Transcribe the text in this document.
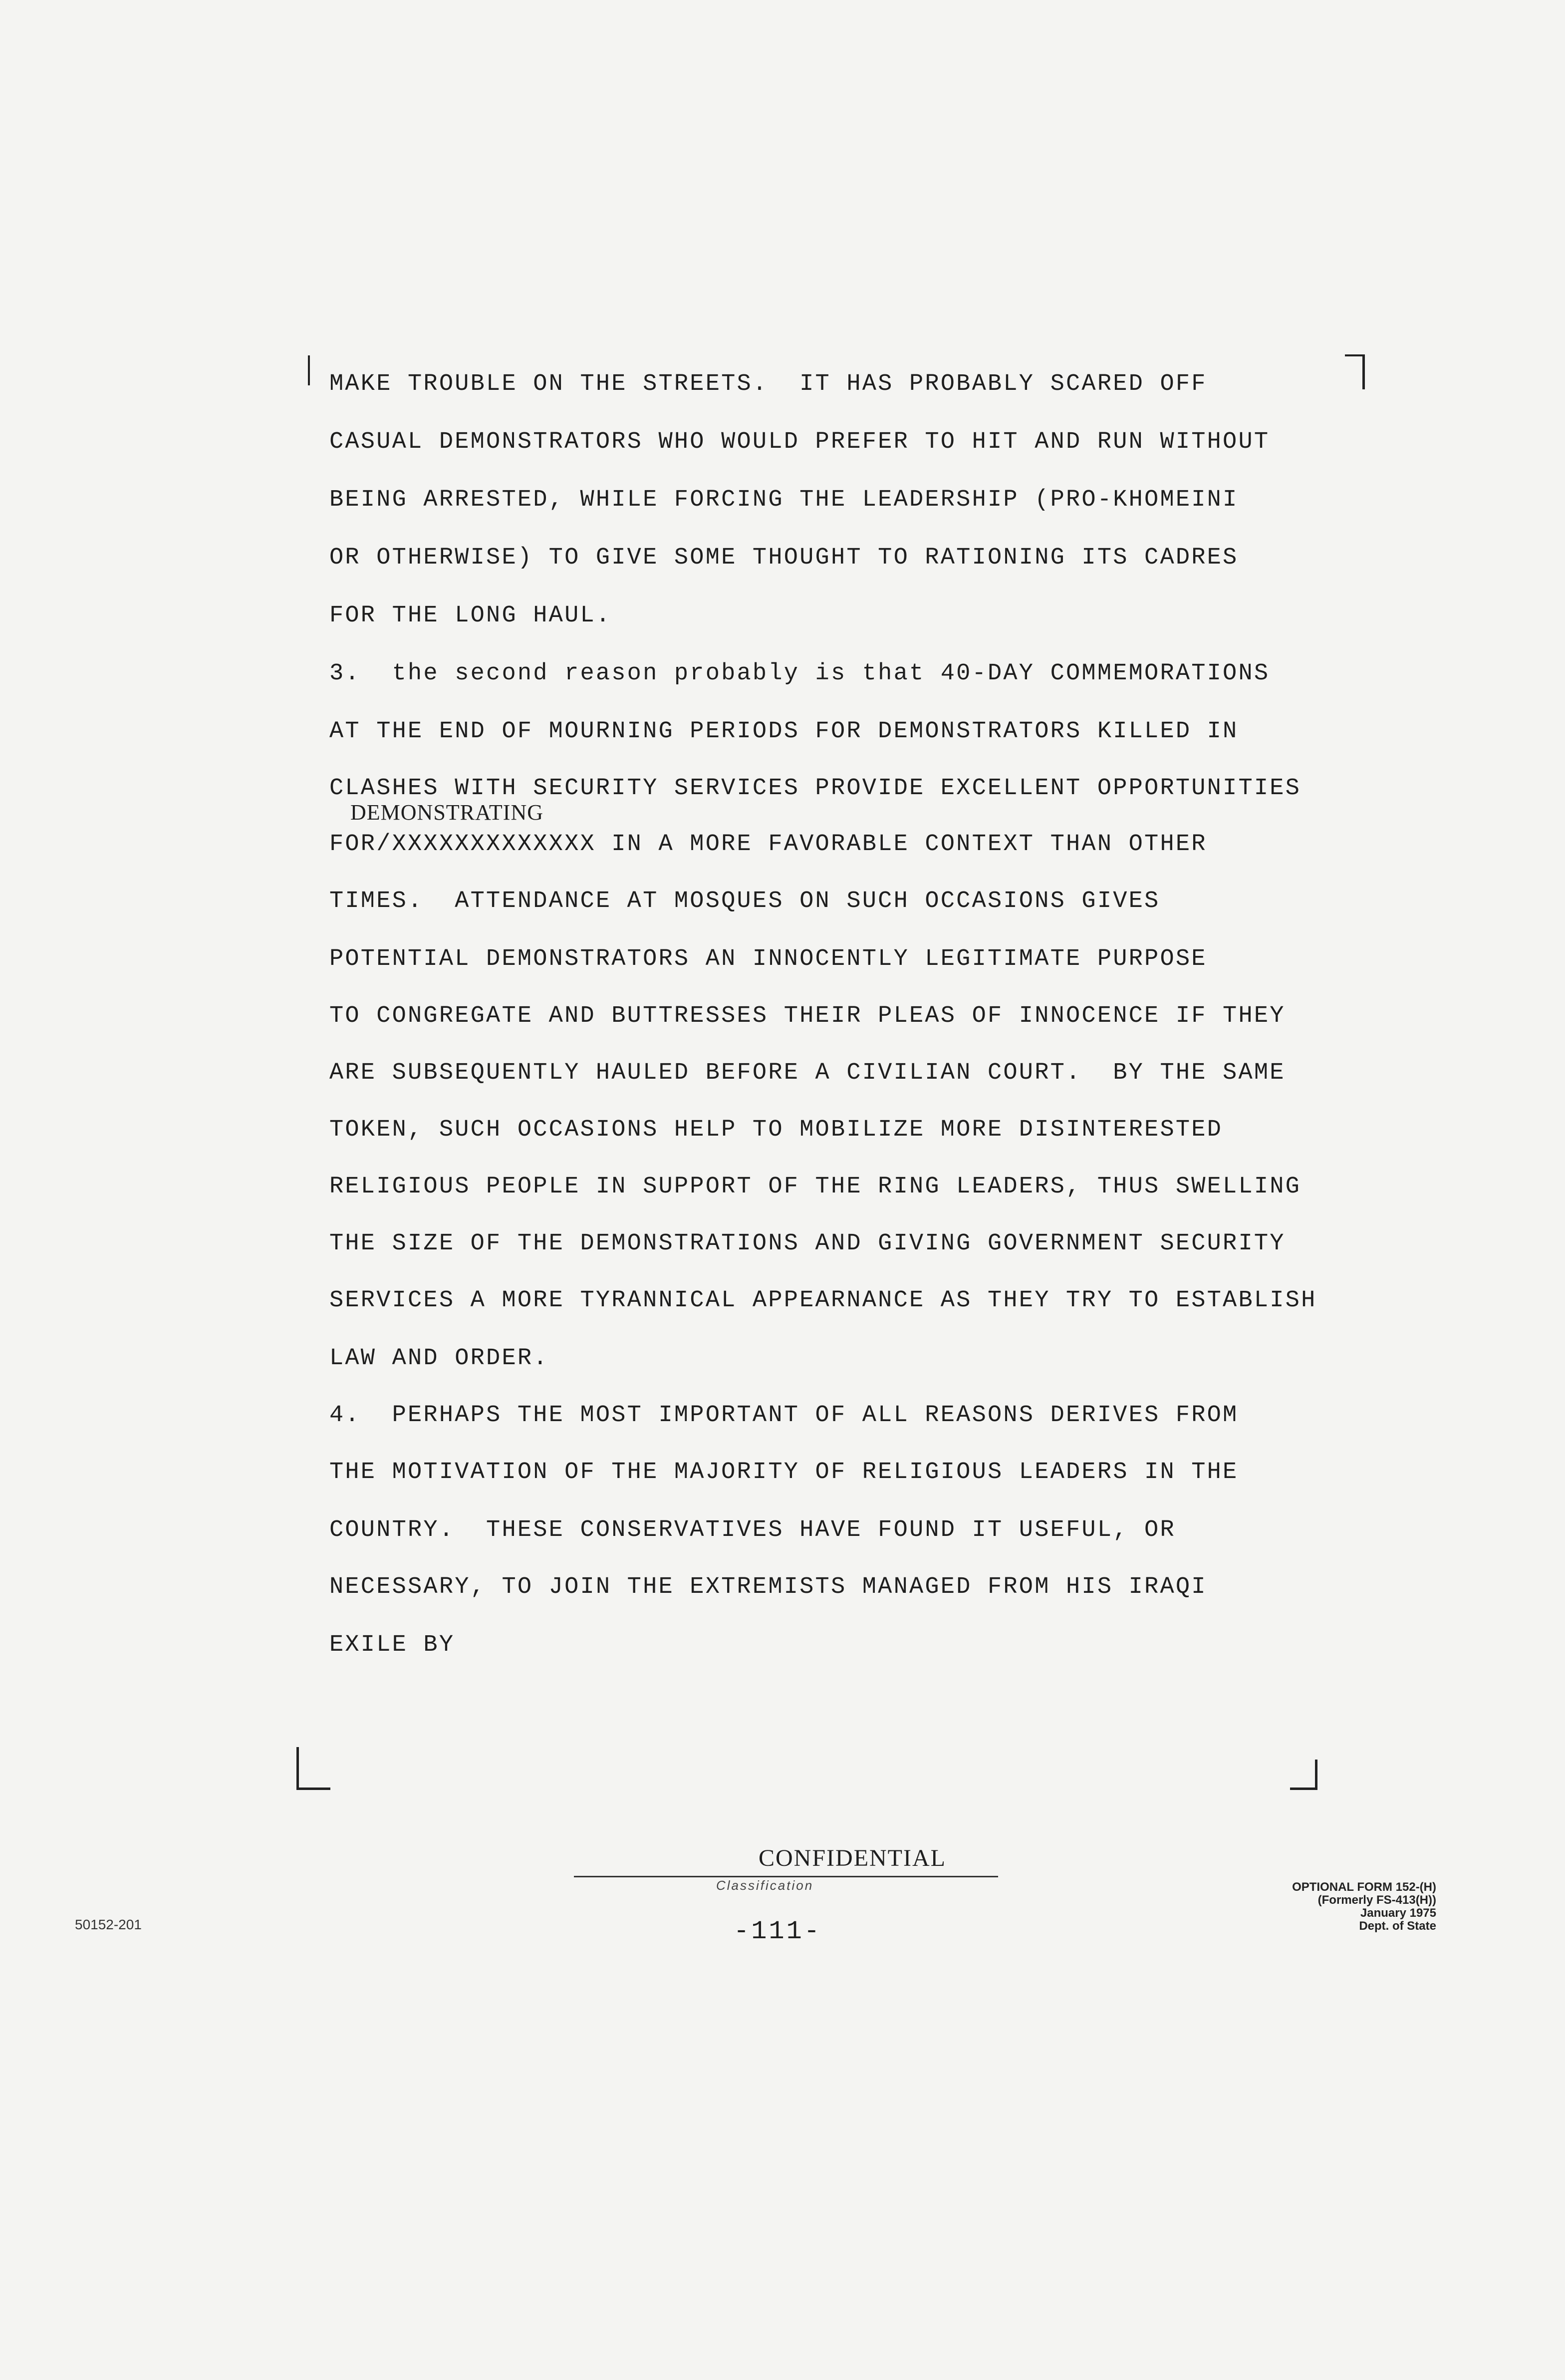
MAKE TROUBLE ON THE STREETS.  IT HAS PROBABLY SCARED OFF
CASUAL DEMONSTRATORS WHO WOULD PREFER TO HIT AND RUN WITHOUT
BEING ARRESTED, WHILE FORCING THE LEADERSHIP (PRO-KHOMEINI
OR OTHERWISE) TO GIVE SOME THOUGHT TO RATIONING ITS CADRES
FOR THE LONG HAUL.
3.  the second reason probably is that 40-DAY COMMEMORATIONS
AT THE END OF MOURNING PERIODS FOR DEMONSTRATORS KILLED IN
CLASHES WITH SECURITY SERVICES PROVIDE EXCELLENT OPPORTUNITIES
DEMONSTRATING
FOR/XXXXXXXXXXXXX IN A MORE FAVORABLE CONTEXT THAN OTHER
TIMES.  ATTENDANCE AT MOSQUES ON SUCH OCCASIONS GIVES
POTENTIAL DEMONSTRATORS AN INNOCENTLY LEGITIMATE PURPOSE
TO CONGREGATE AND BUTTRESSES THEIR PLEAS OF INNOCENCE IF THEY
ARE SUBSEQUENTLY HAULED BEFORE A CIVILIAN COURT.  BY THE SAME
TOKEN, SUCH OCCASIONS HELP TO MOBILIZE MORE DISINTERESTED
RELIGIOUS PEOPLE IN SUPPORT OF THE RING LEADERS, THUS SWELLING
THE SIZE OF THE DEMONSTRATIONS AND GIVING GOVERNMENT SECURITY
SERVICES A MORE TYRANNICAL APPEARNANCE AS THEY TRY TO ESTABLISH
LAW AND ORDER.
4.  PERHAPS THE MOST IMPORTANT OF ALL REASONS DERIVES FROM
THE MOTIVATION OF THE MAJORITY OF RELIGIOUS LEADERS IN THE
COUNTRY.  THESE CONSERVATIVES HAVE FOUND IT USEFUL, OR
NECESSARY, TO JOIN THE EXTREMISTS MANAGED FROM HIS IRAQI
EXILE BY
CONFIDENTIAL
Classification
-111-
50152-201
OPTIONAL FORM 152-(H)
(Formerly FS-413(H))
January 1975
Dept. of State
